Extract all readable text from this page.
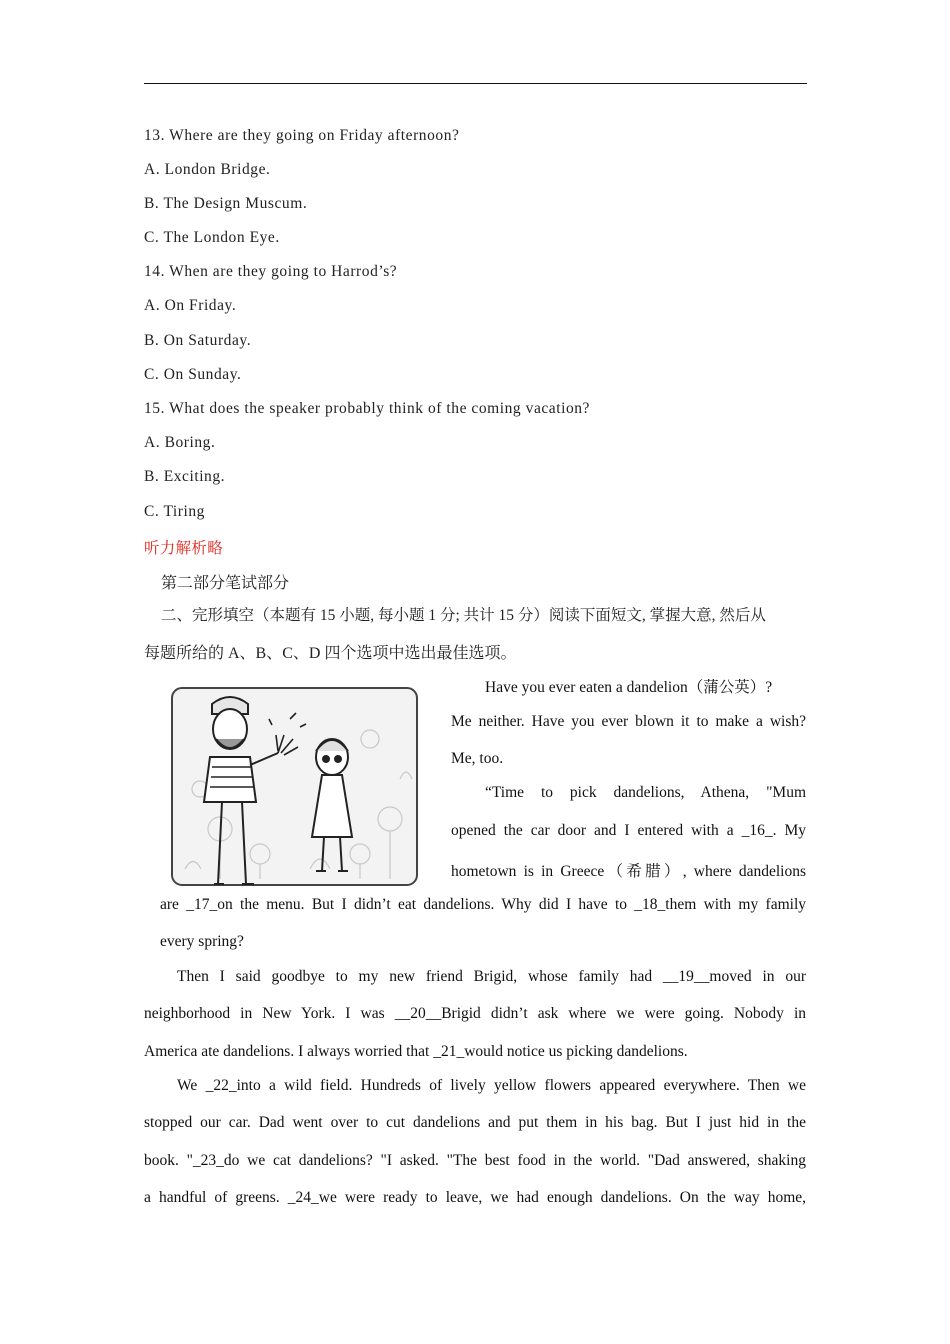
13. Where are they going on Friday afternoon?
A. London Bridge.
B. The Design Muscum.
C. The London Eye.
14. When are they going to Harrod’s?
A. On Friday.
B. On Saturday.
C. On Sunday.
15. What does the speaker probably think of the coming vacation?
A. Boring.
B. Exciting.
C. Tiring
听力解析略
第二部分笔试部分
二、完形填空（本题有 15 小题, 每小题 1 分; 共计 15 分）阅读下面短文, 掌握大意, 然后从
每题所给的 A、B、C、D 四个选项中选出最佳选项。
Have you ever eaten a dandelion（蒲公英）?
Me neither. Have you ever blown it to make a wish?
Me, too.
“Time to pick dandelions, Athena, "Mum
opened the car door and I entered with a _16_. My
hometown is in Greece（希腊）, where dandelions
are _17_on the menu. But I didn’t eat dandelions. Why did I have to _18_them with my family
every spring?
Then I said goodbye to my new friend Brigid, whose family had __19__moved in our
neighborhood in New York. I was __20__Brigid didn’t ask where we were going. Nobody in
America ate dandelions. I always worried that _21_would notice us picking dandelions.
We _22_into a wild field. Hundreds of lively yellow flowers appeared everywhere. Then we
stopped our car. Dad went over to cut dandelions and put them in his bag. But I just hid in the
book. "_23_do we cat dandelions? "I asked. "The best food in the world. "Dad answered, shaking
a handful of greens. _24_we were ready to leave, we had enough dandelions. On the way home,
